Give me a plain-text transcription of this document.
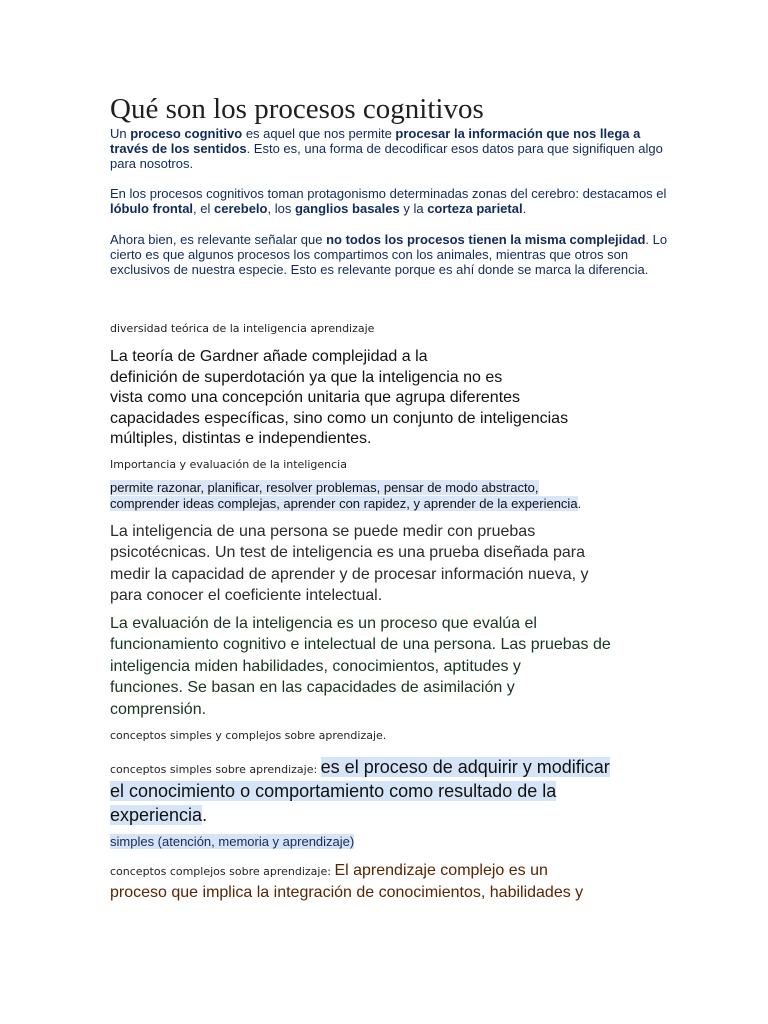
Qué son los procesos cognitivos

Un proceso cognitivo es aquel que nos permite procesar la información que nos llega a través de los sentidos. Esto es, una forma de decodificar esos datos para que signifiquen algo para nosotros.

En los procesos cognitivos toman protagonismo determinadas zonas del cerebro: destacamos el lóbulo frontal, el cerebelo, los ganglios basales y la corteza parietal.

Ahora bien, es relevante señalar que no todos los procesos tienen la misma complejidad. Lo cierto es que algunos procesos los compartimos con los animales, mientras que otros son exclusivos de nuestra especie. Esto es relevante porque es ahí donde se marca la diferencia.

diversidad teórica de la inteligencia aprendizaje

La teoría de Gardner añade complejidad a la
definición de superdotación ya que la inteligencia no es
vista como una concepción unitaria que agrupa diferentes
capacidades específicas, sino como un conjunto de inteligencias
múltiples, distintas e independientes.

Importancia y evaluación de la inteligencia

permite razonar, planificar, resolver problemas, pensar de modo abstracto,
comprender ideas complejas, aprender con rapidez, y aprender de la experiencia.

La inteligencia de una persona se puede medir con pruebas
psicotécnicas. Un test de inteligencia es una prueba diseñada para
medir la capacidad de aprender y de procesar información nueva, y
para conocer el coeficiente intelectual.

La evaluación de la inteligencia es un proceso que evalúa el
funcionamiento cognitivo e intelectual de una persona. Las pruebas de
inteligencia miden habilidades, conocimientos, aptitudes y
funciones. Se basan en las capacidades de asimilación y
comprensión.

conceptos simples y complejos sobre aprendizaje.

conceptos simples sobre aprendizaje: es el proceso de adquirir y modificar
el conocimiento o comportamiento como resultado de la
experiencia.

simples (atención, memoria y aprendizaje)

conceptos complejos sobre aprendizaje: El aprendizaje complejo es un
proceso que implica la integración de conocimientos, habilidades y
